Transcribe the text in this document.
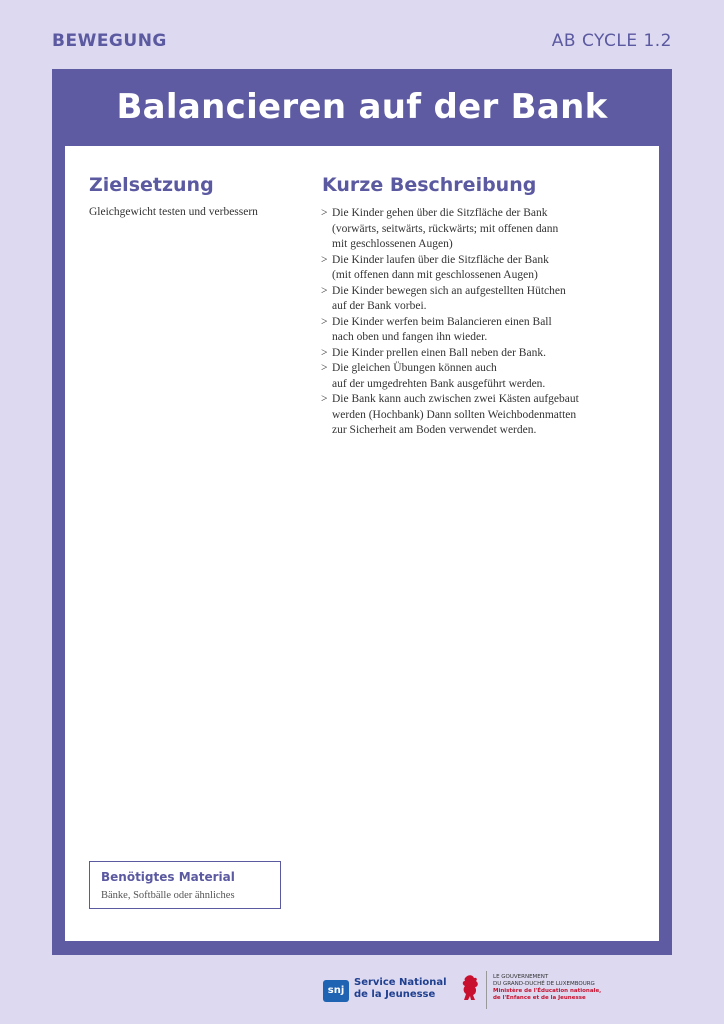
BEWEGUNG	AB CYCLE 1.2
Balancieren auf der Bank
Zielsetzung
Gleichgewicht testen und verbessern
Kurze Beschreibung
> Die Kinder gehen über die Sitzfläche der Bank
(vorwärts, seitwärts, rückwärts; mit offenen dann
mit geschlossenen Augen)
> Die Kinder laufen über die Sitzfläche der Bank
(mit offenen dann mit geschlossenen Augen)
> Die Kinder bewegen sich an aufgestellten Hütchen
auf der Bank vorbei.
> Die Kinder werfen beim Balancieren einen Ball
nach oben und fangen ihn wieder.
> Die Kinder prellen einen Ball neben der Bank.
> Die gleichen Übungen können auch
auf der umgedrehten Bank ausgeführt werden.
> Die Bank kann auch zwischen zwei Kästen aufgebaut
werden (Hochbank) Dann sollten Weichbodenmatten
zur Sicherheit am Boden verwendet werden.
Benötigtes Material
Bänke, Softbälle oder ähnliches
snj
Service National
de la Jeunesse
LE GOUVERNEMENT
DU GRAND-DUCHÉ DE LUXEMBOURG
Ministère de l'Éducation nationale,
de l'Enfance et de la Jeunesse
